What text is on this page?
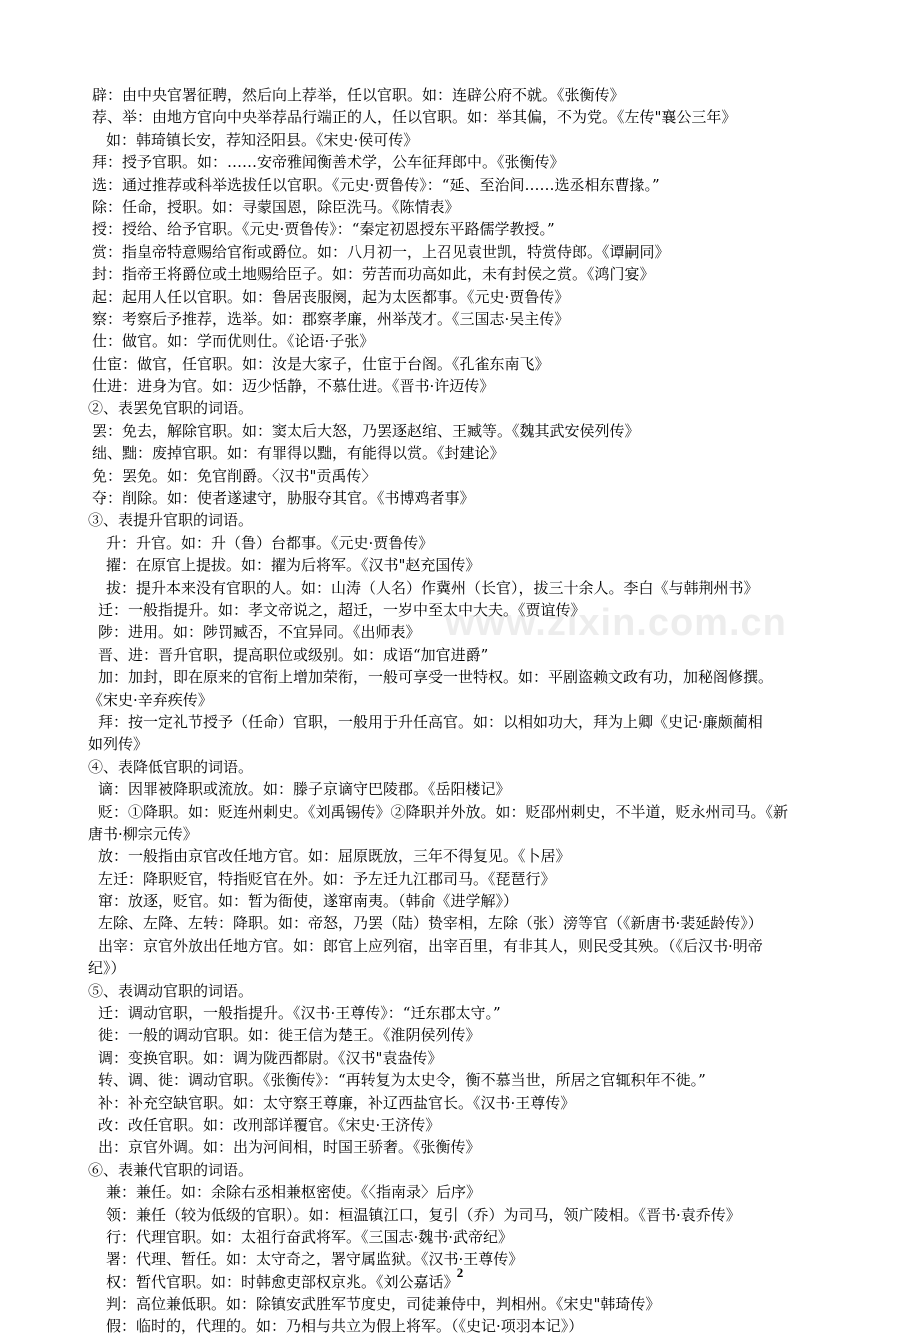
辟：由中央官署征聘，然后向上荐举，任以官职。如：连辟公府不就。《张衡传》
荐、举：由地方官向中央举荐品行端正的人，任以官职。如：举其偏，不为党。《左传"襄公三年》
如：韩琦镇长安，荐知泾阳县。《宋史·侯可传》
拜：授予官职。如：……安帝雅闻衡善术学，公车征拜郎中。《张衡传》
选：通过推荐或科举选拔任以官职。《元史·贾鲁传》：“延、至治间……选丞相东曹掾。”
除：任命，授职。如：寻蒙国恩，除臣洗马。《陈情表》
授：授给、给予官职。《元史·贾鲁传》：“秦定初恩授东平路儒学教授。”
赏：指皇帝特意赐给官衔或爵位。如：八月初一，上召见袁世凯，特赏侍郎。《谭嗣同》
封：指帝王将爵位或土地赐给臣子。如：劳苦而功高如此，未有封侯之赏。《鸿门宴》
起：起用人任以官职。如：鲁居丧服阕，起为太医都事。《元史·贾鲁传》
察：考察后予推荐，选举。如：郡察孝廉，州举茂才。《三国志·吴主传》
仕：做官。如：学而优则仕。《论语·子张》
仕宦：做官，任官职。如：汝是大家子，仕宦于台阁。《孔雀东南飞》
仕进：进身为官。如：迈少恬静，不慕仕进。《晋书·许迈传》
②、表罢免官职的词语。
罢：免去，解除官职。如：窦太后大怒，乃罢逐赵绾、王臧等。《魏其武安侯列传》
绌、黜：废掉官职。如：有罪得以黜，有能得以赏。《封建论》
免：罢免。如：免官削爵。〈汉书"贡禹传〉
夺：削除。如：使者遂逮守，胁服夺其官。《书博鸡者事》
③、表提升官职的词语。
升：升官。如：升（鲁）台都事。《元史·贾鲁传》
擢：在原官上提拔。如：擢为后将军。《汉书"赵充国传》
拔：提升本来没有官职的人。如：山涛（人名）作冀州（长官），拔三十余人。李白《与韩荆州书》
迁：一般指提升。如：孝文帝说之，超迁，一岁中至太中大夫。《贾谊传》
陟：进用。如：陟罚臧否，不宜异同。《出师表》
晋、进：晋升官职，提高职位或级别。如：成语“加官进爵”
加：加封，即在原来的官衔上增加荣衔，一般可享受一世特权。如：平剧盗赖文政有功，加秘阁修撰。
《宋史·辛弃疾传》
拜：按一定礼节授予（任命）官职，一般用于升任高官。如：以相如功大，拜为上卿《史记·廉颇蔺相
如列传》
④、表降低官职的词语。
谪：因罪被降职或流放。如：滕子京谪守巴陵郡。《岳阳楼记》
贬：①降职。如：贬连州刺史。《刘禹锡传》②降职并外放。如：贬邵州刺史，不半道，贬永州司马。《新
唐书·柳宗元传》
放：一般指由京官改任地方官。如：屈原既放，三年不得复见。《卜居》
左迁：降职贬官，特指贬官在外。如：予左迁九江郡司马。《琵琶行》
窜：放逐，贬官。如：暂为衙使，遂窜南夷。（韩俞《进学解》）
左除、左降、左转：降职。如：帝怒，乃罢（陆）贽宰相，左除（张）滂等官（《新唐书·裴延龄传》）
出宰：京官外放出任地方官。如：郎官上应列宿，出宰百里，有非其人，则民受其殃。（《后汉书·明帝
纪》）
⑤、表调动官职的词语。
迁：调动官职，一般指提升。《汉书·王尊传》：“迁东郡太守。”
徙：一般的调动官职。如：徙王信为楚王。《淮阴侯列传》
调：变换官职。如：调为陇西都尉。《汉书"袁盎传》
转、调、徙：调动官职。《张衡传》：“再转复为太史令，衡不慕当世，所居之官辄积年不徙。”
补：补充空缺官职。如：太守察王尊廉，补辽西盐官长。《汉书·王尊传》
改：改任官职。如：改刑部详覆官。《宋史·王济传》
出：京官外调。如：出为河间相，时国王骄奢。《张衡传》
⑥、表兼代官职的词语。
兼：兼任。如：余除右丞相兼枢密使。《〈指南录〉后序》
领：兼任（较为低级的官职）。如：桓温镇江口，复引（乔）为司马，领广陵相。《晋书·袁乔传》
行：代理官职。如：太祖行奋武将军。《三国志·魏书·武帝纪》
署：代理、暂任。如：太守奇之，署守属监狱。《汉书·王尊传》
权：暂代官职。如：时韩愈吏部权京兆。《刘公嘉话》
判：高位兼低职。如：除镇安武胜军节度史，司徒兼侍中，判相州。《宋史"韩琦传》
假：临时的，代理的。如：乃相与共立为假上将军。（《史记·项羽本记》）
www.zixin.com.cn
2
